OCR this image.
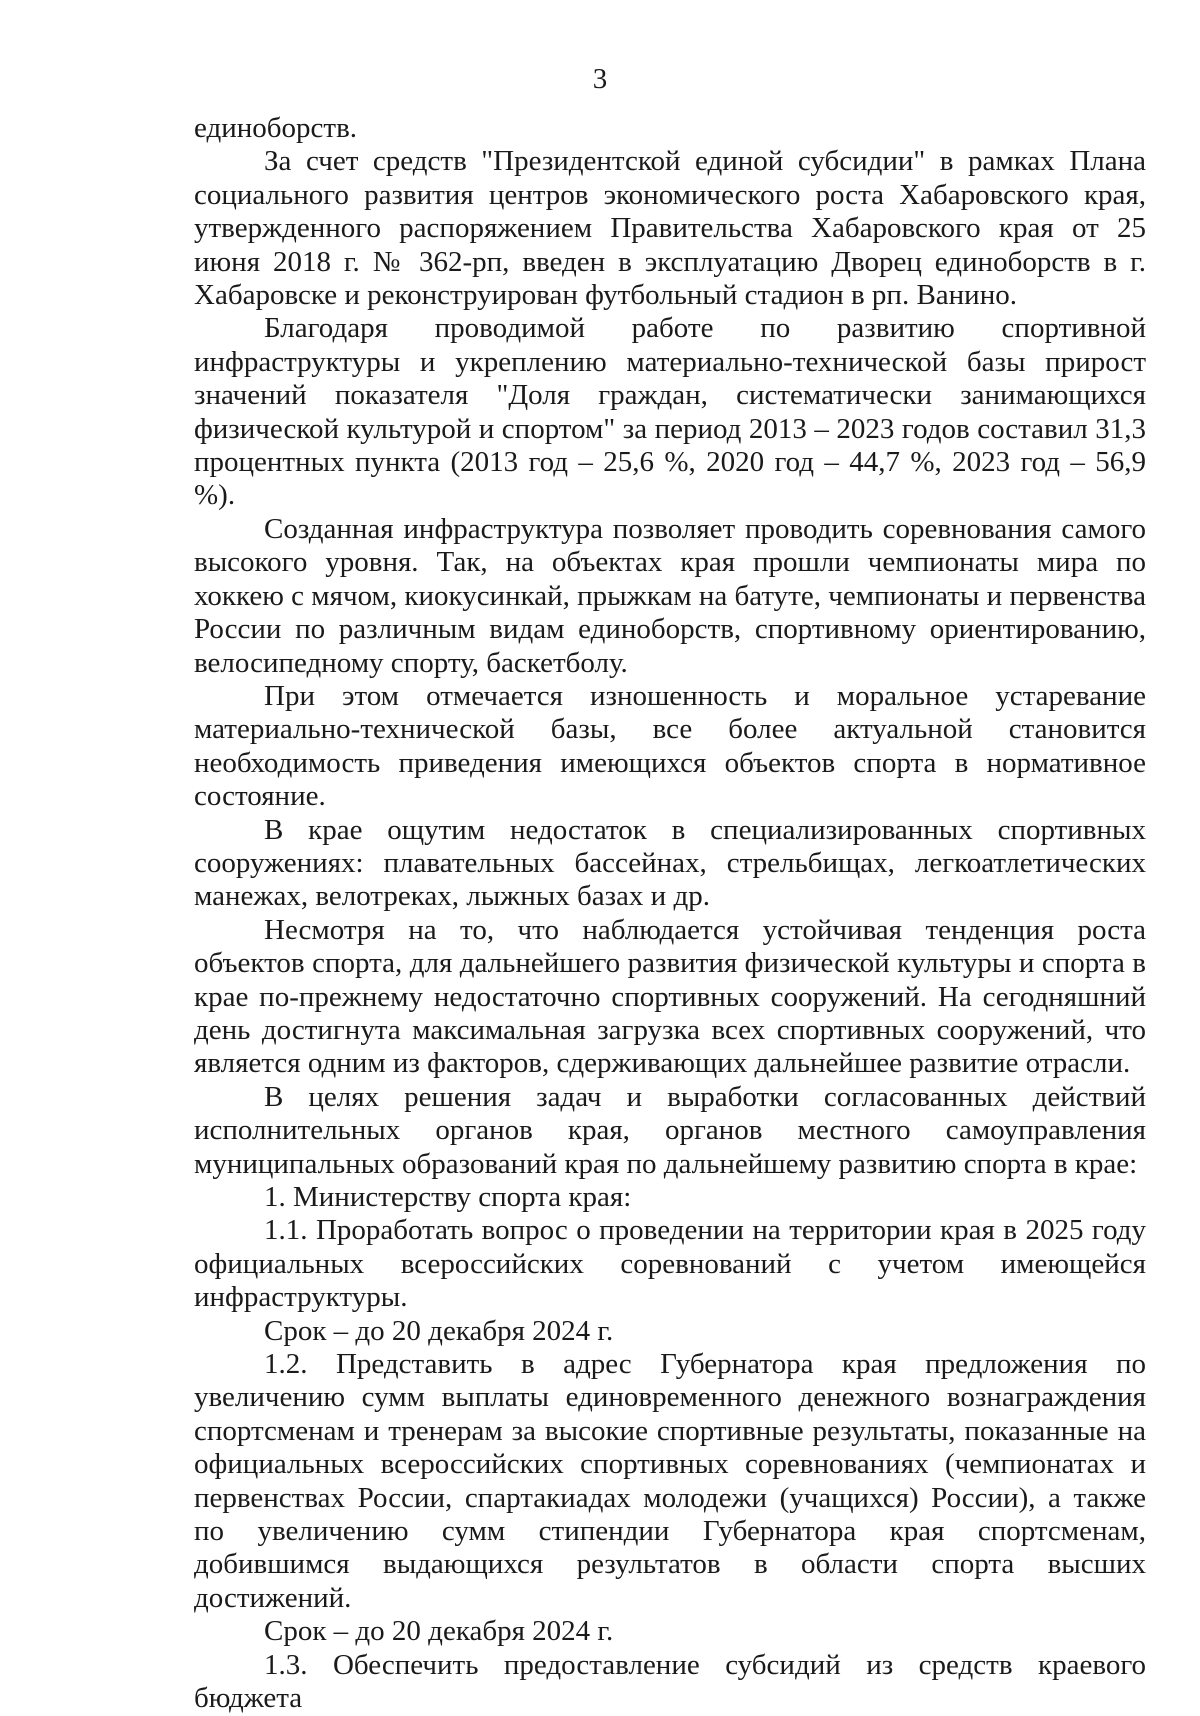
3

единоборств.

За счет средств "Президентской единой субсидии" в рамках Плана социального развития центров экономического роста Хабаровского края, утвержденного распоряжением Правительства Хабаровского края от 25 июня 2018 г. № 362-рп, введен в эксплуатацию Дворец единоборств в г. Хабаровске и реконструирован футбольный стадион в рп. Ванино.

Благодаря проводимой работе по развитию спортивной инфраструктуры и укреплению материально-технической базы прирост значений показателя "Доля граждан, систематически занимающихся физической культурой и спортом" за период 2013 – 2023 годов составил 31,3 процентных пункта (2013 год – 25,6 %, 2020 год – 44,7 %, 2023 год – 56,9 %).

Созданная инфраструктура позволяет проводить соревнования самого высокого уровня. Так, на объектах края прошли чемпионаты мира по хоккею с мячом, киокусинкай, прыжкам на батуте, чемпионаты и первенства России по различным видам единоборств, спортивному ориентированию, велосипедному спорту, баскетболу.

При этом отмечается изношенность и моральное устаревание материально-технической базы, все более актуальной становится необходимость приведения имеющихся объектов спорта в нормативное состояние.

В крае ощутим недостаток в специализированных спортивных сооружениях: плавательных бассейнах, стрельбищах, легкоатлетических манежах, велотреках, лыжных базах и др.

Несмотря на то, что наблюдается устойчивая тенденция роста объектов спорта, для дальнейшего развития физической культуры и спорта в крае по-прежнему недостаточно спортивных сооружений. На сегодняшний день достигнута максимальная загрузка всех спортивных сооружений, что является одним из факторов, сдерживающих дальнейшее развитие отрасли.

В целях решения задач и выработки согласованных действий исполнительных органов края, органов местного самоуправления муниципальных образований края по дальнейшему развитию спорта в крае:

1. Министерству спорта края:

1.1. Проработать вопрос о проведении на территории края в 2025 году официальных всероссийских соревнований с учетом имеющейся инфраструктуры.

Срок – до 20 декабря 2024 г.

1.2. Представить в адрес Губернатора края предложения по увеличению сумм выплаты единовременного денежного вознаграждения спортсменам и тренерам за высокие спортивные результаты, показанные на официальных всероссийских спортивных соревнованиях (чемпионатах и первенствах России, спартакиадах молодежи (учащихся) России), а также по увеличению сумм стипендии Губернатора края спортсменам, добившимся выдающихся результатов в области спорта высших достижений.

Срок – до 20 декабря 2024 г.

1.3. Обеспечить предоставление субсидий из средств краевого бюджета
